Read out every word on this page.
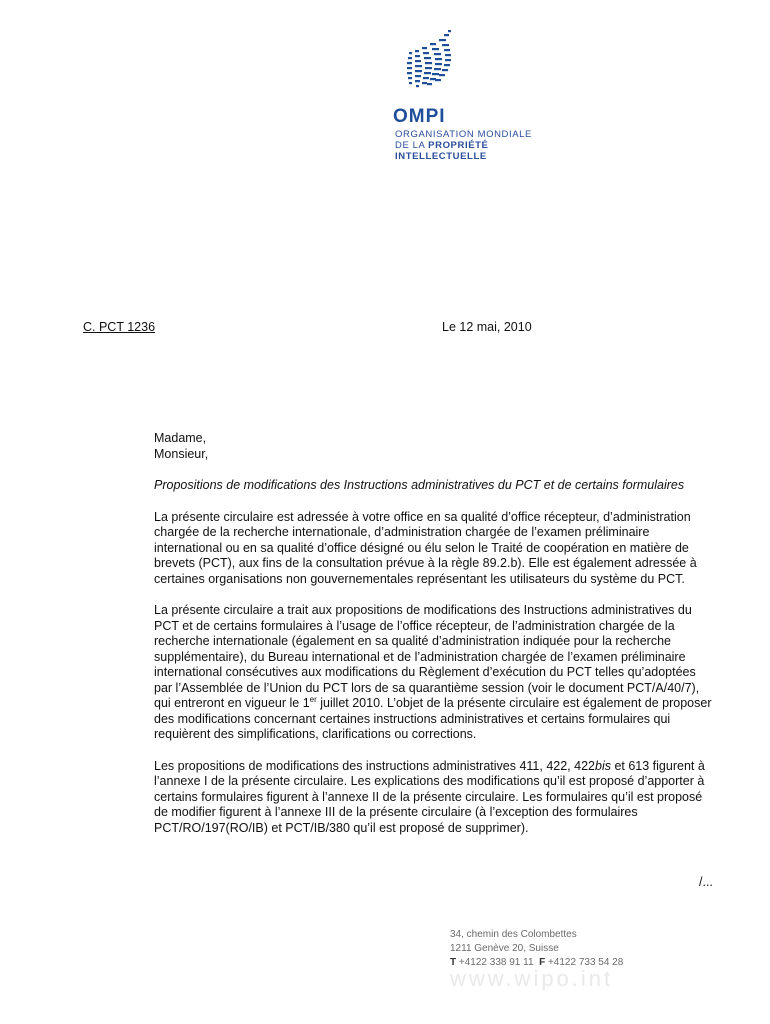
OMPI
ORGANISATION MONDIALE
DE LA PROPRIÉTÉ
INTELLECTUELLE
C. PCT 1236	Le 12 mai, 2010

Madame,
Monsieur,

Propositions de modifications des Instructions administratives du PCT et de certains formulaires

La présente circulaire est adressée à votre office en sa qualité d’office récepteur, d’administration chargée de la recherche internationale, d’administration chargée de l’examen préliminaire international ou en sa qualité d’office désigné ou élu selon le Traité de coopération en matière de brevets (PCT), aux fins de la consultation prévue à la règle 89.2.b). Elle est également adressée à certaines organisations non gouvernementales représentant les utilisateurs du système du PCT.

La présente circulaire a trait aux propositions de modifications des Instructions administratives du PCT et de certains formulaires à l’usage de l’office récepteur, de l’administration chargée de la recherche internationale (également en sa qualité d’administration indiquée pour la recherche supplémentaire), du Bureau international et de l’administration chargée de l’examen préliminaire international consécutives aux modifications du Règlement d’exécution du PCT telles qu’adoptées par l’Assemblée de l’Union du PCT lors de sa quarantième session (voir le document PCT/A/40/7), qui entreront en vigueur le 1er juillet 2010. L’objet de la présente circulaire est également de proposer des modifications concernant certaines instructions administratives et certains formulaires qui requièrent des simplifications, clarifications ou corrections.

Les propositions de modifications des instructions administratives 411, 422, 422bis et 613 figurent à l’annexe I de la présente circulaire. Les explications des modifications qu’il est proposé d’apporter à certains formulaires figurent à l’annexe II de la présente circulaire. Les formulaires qu’il est proposé de modifier figurent à l’annexe III de la présente circulaire (à l’exception des formulaires PCT/RO/197(RO/IB) et PCT/IB/380 qu’il est proposé de supprimer).

/...
34, chemin des Colombettes
1211 Genève 20, Suisse
T +4122 338 91 11 F +4122 733 54 28
www.wipo.int
